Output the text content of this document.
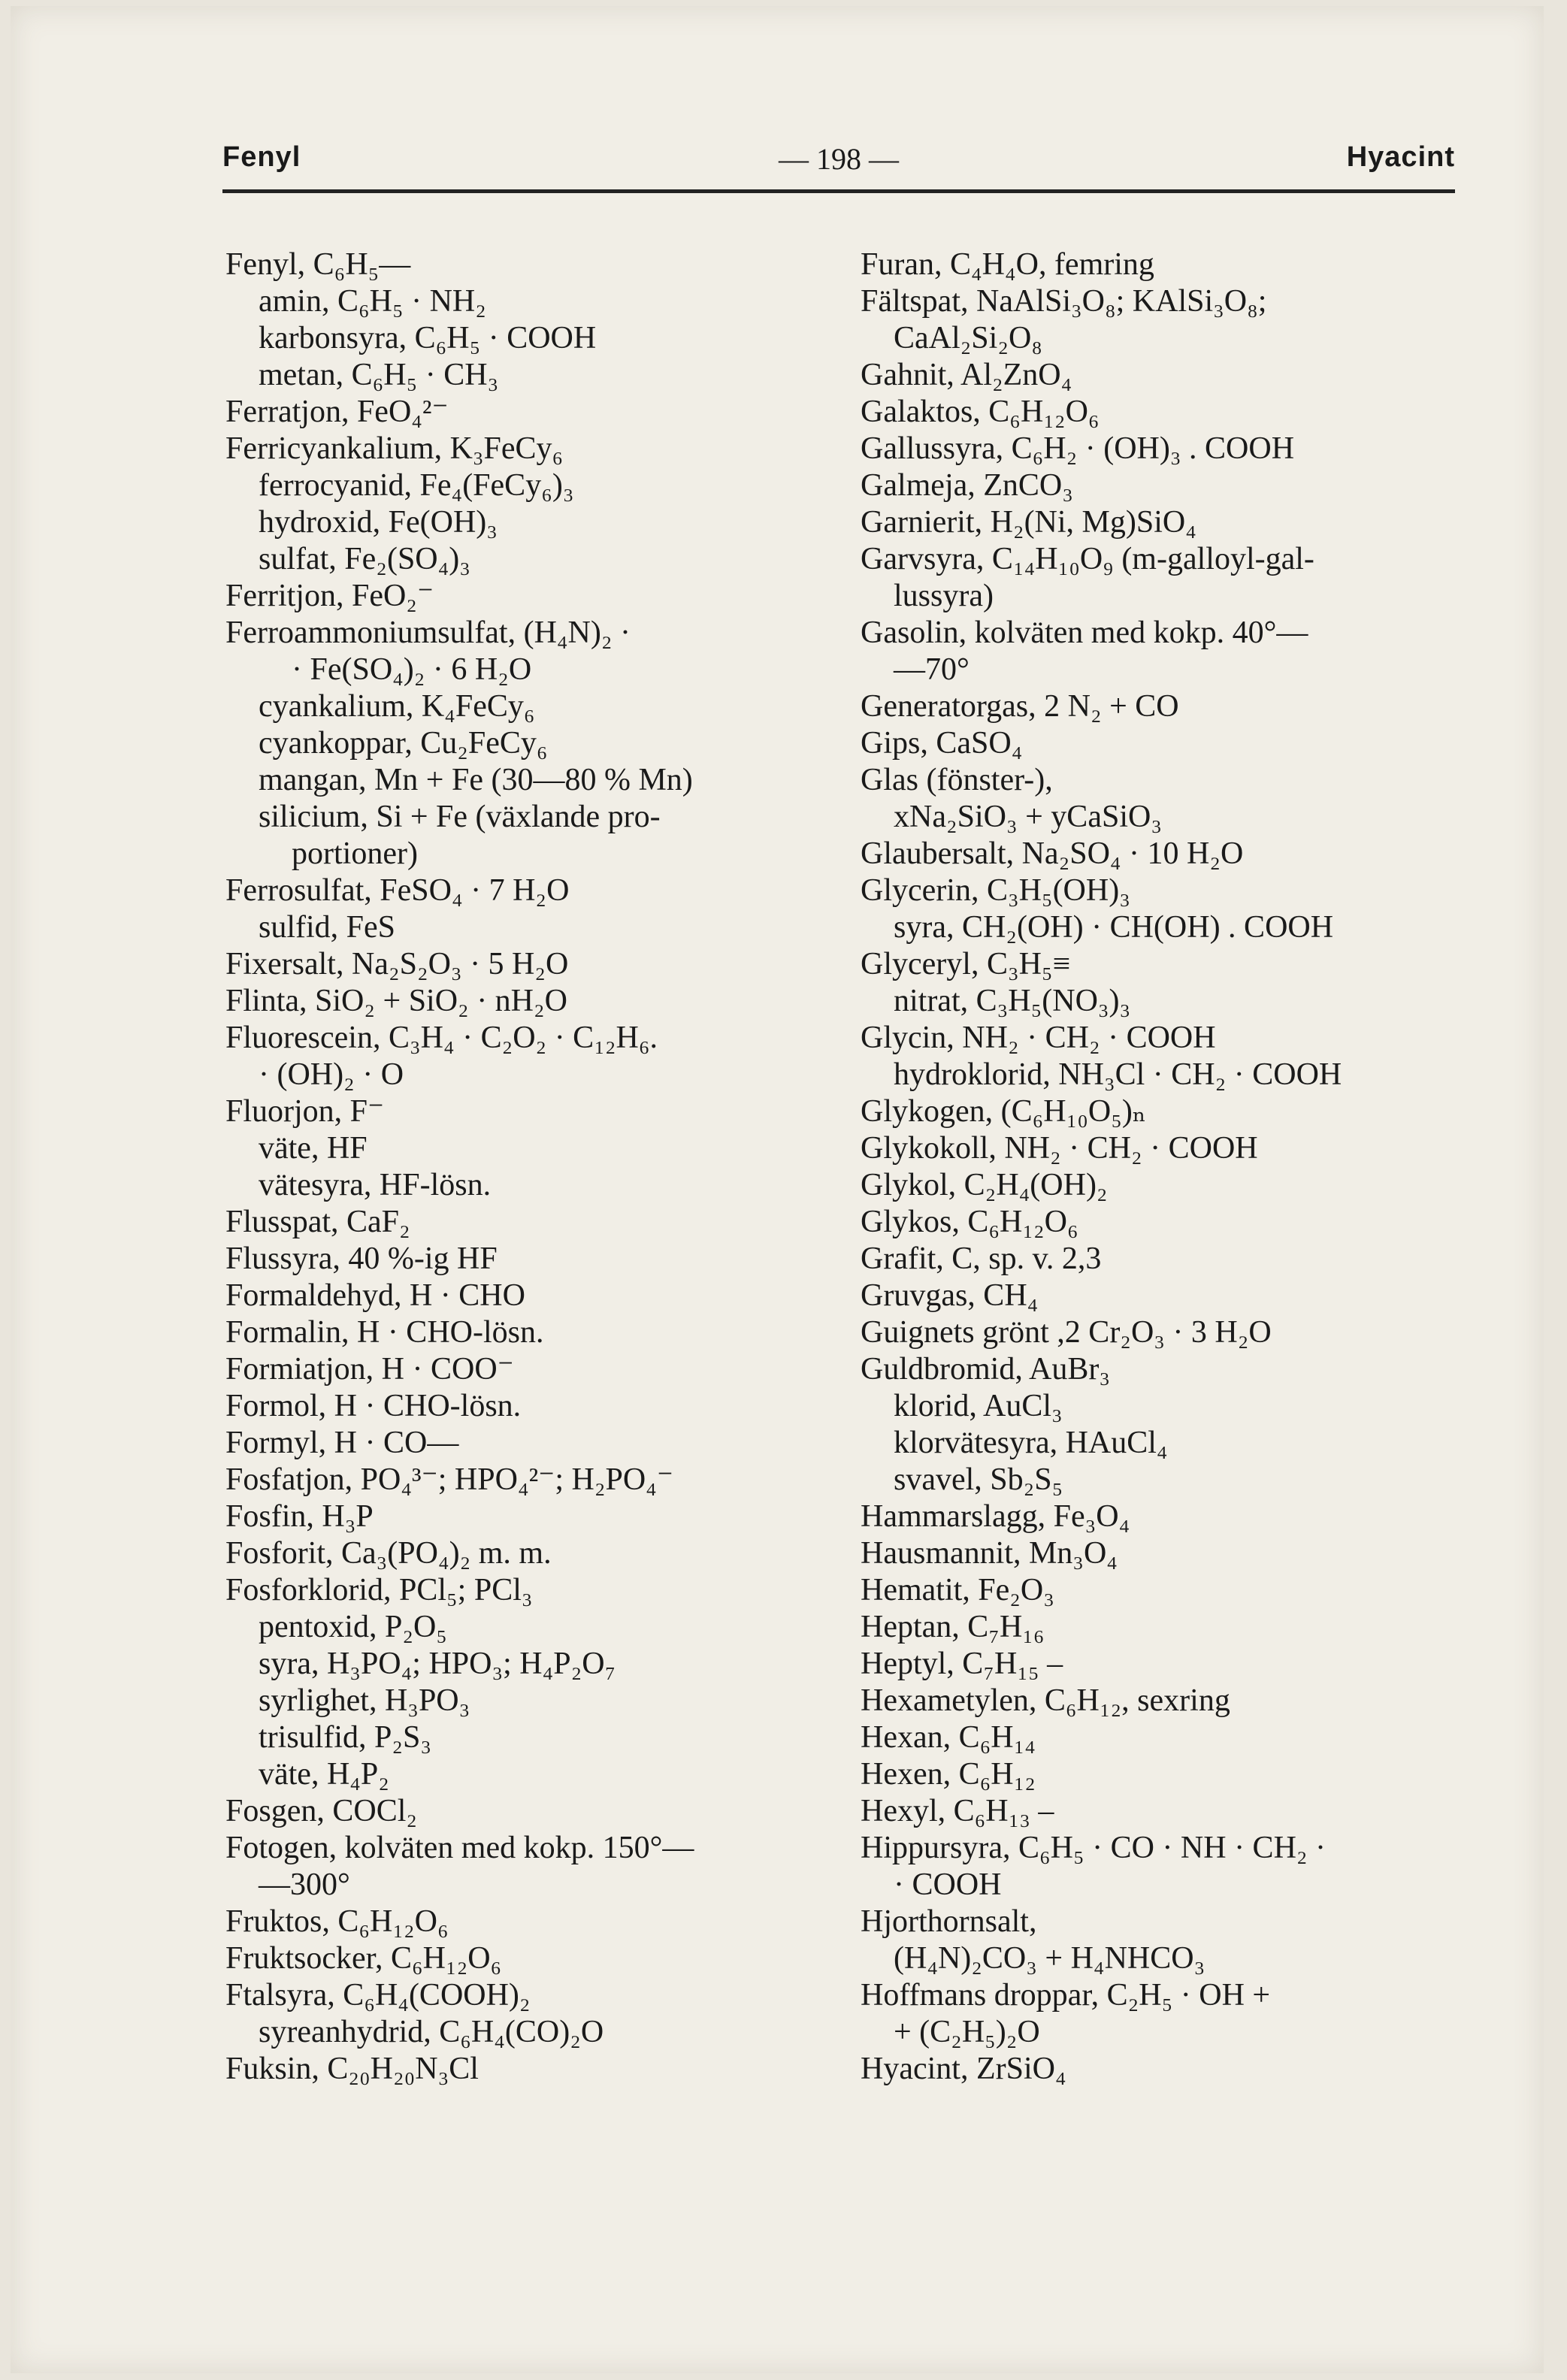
Fenyl	— 198 —	Hyacint
Fenyl, C₆H₅—
amin, C₆H₅ · NH₂
karbonsyra, C₆H₅ · COOH
metan, C₆H₅ · CH₃
Ferratjon, FeO₄²⁻
Ferricyankalium, K₃FeCy₆
ferrocyanid, Fe₄(FeCy₆)₃
hydroxid, Fe(OH)₃
sulfat, Fe₂(SO₄)₃
Ferritjon, FeO₂⁻
Ferroammoniumsulfat, (H₄N)₂ ·
· Fe(SO₄)₂ · 6 H₂O
cyankalium, K₄FeCy₆
cyankoppar, Cu₂FeCy₆
mangan, Mn + Fe (30—80 % Mn)
silicium, Si + Fe (växlande pro-
portioner)
Ferrosulfat, FeSO₄ · 7 H₂O
sulfid, FeS
Fixersalt, Na₂S₂O₃ · 5 H₂O
Flinta, SiO₂ + SiO₂ · nH₂O
Fluorescein, C₃H₄ · C₂O₂ · C₁₂H₆.
· (OH)₂ · O
Fluorjon, F⁻
väte, HF
vätesyra, HF-lösn.
Flusspat, CaF₂
Flussyra, 40 %-ig HF
Formaldehyd, H · CHO
Formalin, H · CHO-lösn.
Formiatjon, H · COO⁻
Formol, H · CHO-lösn.
Formyl, H · CO—
Fosfatjon, PO₄³⁻; HPO₄²⁻; H₂PO₄⁻
Fosfin, H₃P
Fosforit, Ca₃(PO₄)₂ m. m.
Fosforklorid, PCl₅; PCl₃
pentoxid, P₂O₅
syra, H₃PO₄; HPO₃; H₄P₂O₇
syrlighet, H₃PO₃
trisulfid, P₂S₃
väte, H₄P₂
Fosgen, COCl₂
Fotogen, kolväten med kokp. 150°—
—300°
Fruktos, C₆H₁₂O₆
Fruktsocker, C₆H₁₂O₆
Ftalsyra, C₆H₄(COOH)₂
syreanhydrid, C₆H₄(CO)₂O
Fuksin, C₂₀H₂₀N₃Cl
Furan, C₄H₄O, femring
Fältspat, NaAlSi₃O₈; KAlSi₃O₈;
CaAl₂Si₂O₈
Gahnit, Al₂ZnO₄
Galaktos, C₆H₁₂O₆
Gallussyra, C₆H₂ · (OH)₃ . COOH
Galmeja, ZnCO₃
Garnierit, H₂(Ni, Mg)SiO₄
Garvsyra, C₁₄H₁₀O₉ (m-galloyl-gal-
lussyra)
Gasolin, kolväten med kokp. 40°—
—70°
Generatorgas, 2 N₂ + CO
Gips, CaSO₄
Glas (fönster-),
xNa₂SiO₃ + yCaSiO₃
Glaubersalt, Na₂SO₄ · 10 H₂O
Glycerin, C₃H₅(OH)₃
syra, CH₂(OH) · CH(OH) . COOH
Glyceryl, C₃H₅≡
nitrat, C₃H₅(NO₃)₃
Glycin, NH₂ · CH₂ · COOH
hydroklorid, NH₃Cl · CH₂ · COOH
Glykogen, (C₆H₁₀O₅)ₙ
Glykokoll, NH₂ · CH₂ · COOH
Glykol, C₂H₄(OH)₂
Glykos, C₆H₁₂O₆
Grafit, C, sp. v. 2,3
Gruvgas, CH₄
Guignets grönt ,2 Cr₂O₃ · 3 H₂O
Guldbromid, AuBr₃
klorid, AuCl₃
klorvätesyra, HAuCl₄
svavel, Sb₂S₅
Hammarslagg, Fe₃O₄
Hausmannit, Mn₃O₄
Hematit, Fe₂O₃
Heptan, C₇H₁₆
Heptyl, C₇H₁₅ –
Hexametylen, C₆H₁₂, sexring
Hexan, C₆H₁₄
Hexen, C₆H₁₂
Hexyl, C₆H₁₃ –
Hippursyra, C₆H₅ · CO · NH · CH₂ ·
· COOH
Hjorthornsalt,
(H₄N)₂CO₃ + H₄NHCO₃
Hoffmans droppar, C₂H₅ · OH +
+ (C₂H₅)₂O
Hyacint, ZrSiO₄
